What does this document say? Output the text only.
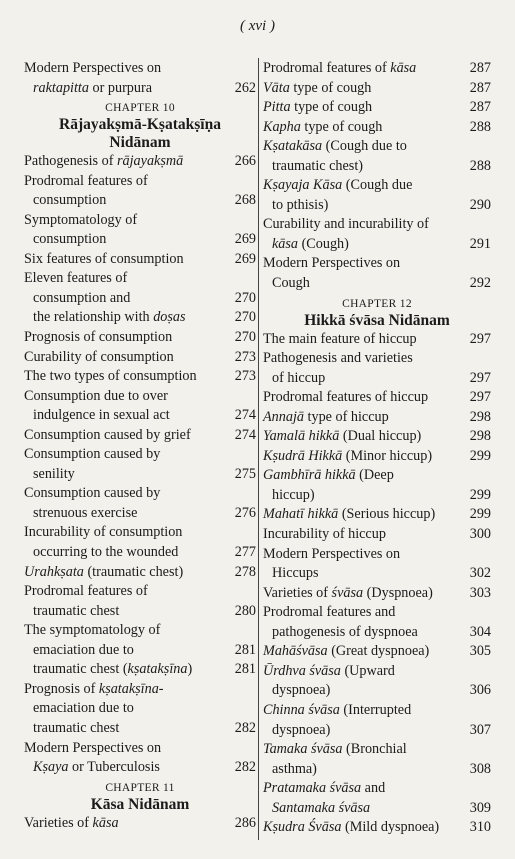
( xvi )
Modern Perspectives on
raktapitta or purpura	262
CHAPTER 10
Rājayakṣmā-Kṣatakṣīṇa
Nidānam
Pathogenesis of rājayakṣmā	266
Prodromal features of
consumption	268
Symptomatology of
consumption	269
Six features of consumption	269
Eleven features of
consumption and	270
the relationship with doṣas	270
Prognosis of consumption	270
Curability of consumption	273
The two types of consumption	273
Consumption due to over
indulgence in sexual act	274
Consumption caused by grief	274
Consumption caused by
senility	275
Consumption caused by
strenuous exercise	276
Incurability of consumption
occurring to the wounded	277
Urahkṣata (traumatic chest)	278
Prodromal features of
traumatic chest	280
The symptomatology of
emaciation due to	281
traumatic chest (kṣatakṣīna)	281
Prognosis of kṣatakṣīna-
emaciation due to
traumatic chest	282
Modern Perspectives on
Kṣaya or Tuberculosis	282
CHAPTER 11
Kāsa Nidānam
Varieties of kāsa	286
Prodromal features of kāsa	287
Vāta type of cough	287
Pitta type of cough	287
Kapha type of cough	288
Kṣatakāsa (Cough due to
traumatic chest)	288
Kṣayaja Kāsa (Cough due
to pthisis)	290
Curability and incurability of
kāsa (Cough)	291
Modern Perspectives on
Cough	292
CHAPTER 12
Hikkā śvāsa Nidānam
The main feature of hiccup	297
Pathogenesis and varieties
of hiccup	297
Prodromal features of hiccup	297
Annajā type of hiccup	298
Yamalā hikkā (Dual hiccup)	298
Kṣudrā Hikkā (Minor hiccup)	299
Gambhīrā hikkā (Deep
hiccup)	299
Mahatī hikkā (Serious hiccup)	299
Incurability of hiccup	300
Modern Perspectives on
Hiccups	302
Varieties of śvāsa (Dyspnoea)	303
Prodromal features and
pathogenesis of dyspnoea	304
Mahāśvāsa (Great dyspnoea)	305
Ūrdhva śvāsa (Upward
dyspnoea)	306
Chinna śvāsa (Interrupted
dyspnoea)	307
Tamaka śvāsa (Bronchial
asthma)	308
Pratamaka śvāsa and
Santamaka śvāsa	309
Kṣudra Śvāsa (Mild dyspnoea)	310
